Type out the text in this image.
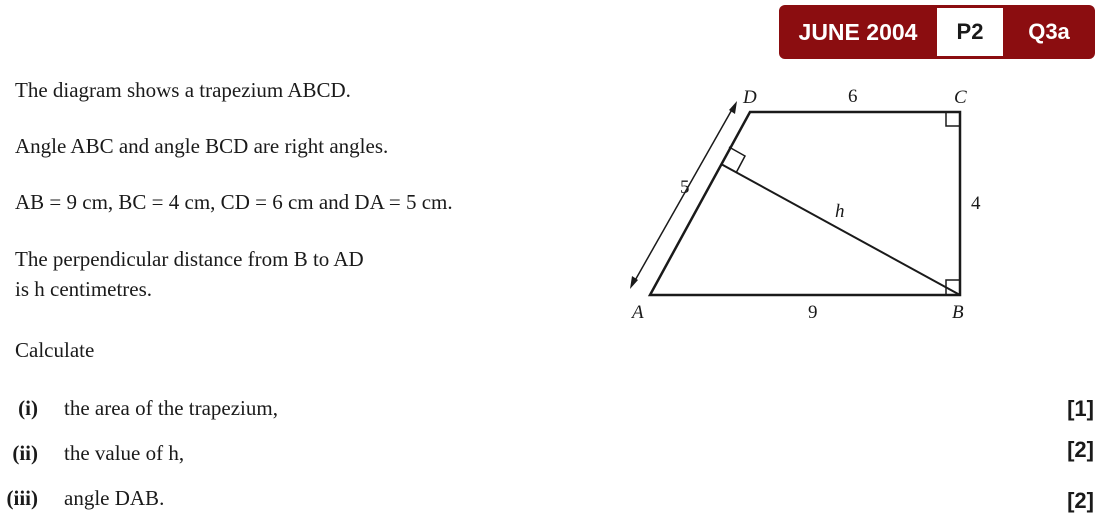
JUNE 2004	P2	Q3a
The diagram shows a trapezium ABCD.
Angle ABC and angle BCD are right angles.
AB = 9 cm, BC = 4 cm, CD = 6 cm and DA = 5 cm.
The perpendicular distance from B to AD
is h centimetres.
Calculate
(i) the area of the trapezium,	[1]
(ii) the value of h,	[2]
(iii) angle DAB.	[2]
A	B
C
D
9
4
6
5
h
